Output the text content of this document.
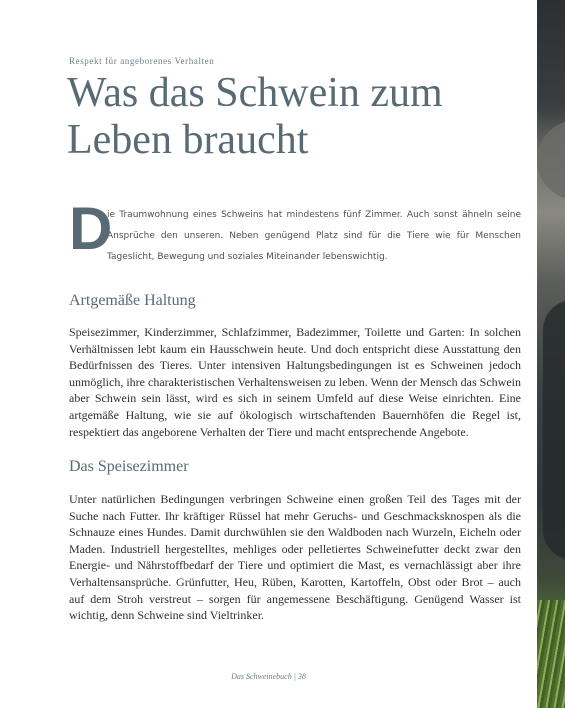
Respekt für angeborenes Verhalten

Was das Schwein zum
Leben braucht
D

ie Traumwohnung eines Schweins hat mindestens fünf Zimmer. Auch sonst ähneln seine Ansprüche den unseren. Neben genügend Platz sind für die Tiere wie für Menschen Tageslicht, Bewegung und soziales Miteinander lebenswichtig.

Artgemäße Haltung

Speisezimmer, Kinderzimmer, Schlafzimmer, Badezimmer, Toilette und Garten: In solchen Verhältnissen lebt kaum ein Hausschwein heute. Und doch entspricht diese Ausstattung den Bedürfnissen des Tieres. Unter intensiven Haltungsbedingungen ist es Schweinen jedoch unmöglich, ihre charakteristischen Verhaltensweisen zu leben. Wenn der Mensch das Schwein aber Schwein sein lässt, wird es sich in seinem Umfeld auf diese Weise einrichten. Eine artgemäße Haltung, wie sie auf ökologisch wirtschaftenden Bauernhöfen die Regel ist, respektiert das angeborene Verhalten der Tiere und macht entsprechende Angebote.

Das Speisezimmer

Unter natürlichen Bedingungen verbringen Schweine einen großen Teil des Tages mit der Suche nach Futter. Ihr kräftiger Rüssel hat mehr Geruchs- und Geschmacksknospen als die Schnauze eines Hundes. Damit durchwühlen sie den Waldboden nach Wurzeln, Eicheln oder Maden. Industriell hergestelltes, mehliges oder pelletiertes Schweinefutter deckt zwar den Energie- und Nährstoffbedarf der Tiere und optimiert die Mast, es vernachlässigt aber ihre Verhaltensansprüche. Grünfutter, Heu, Rüben, Karotten, Kartoffeln, Obst oder Brot – auch auf dem Stroh verstreut – sorgen für angemessene Beschäftigung. Genügend Wasser ist wichtig, denn Schweine sind Vieltrinker.

Das Schweinebuch | 38
